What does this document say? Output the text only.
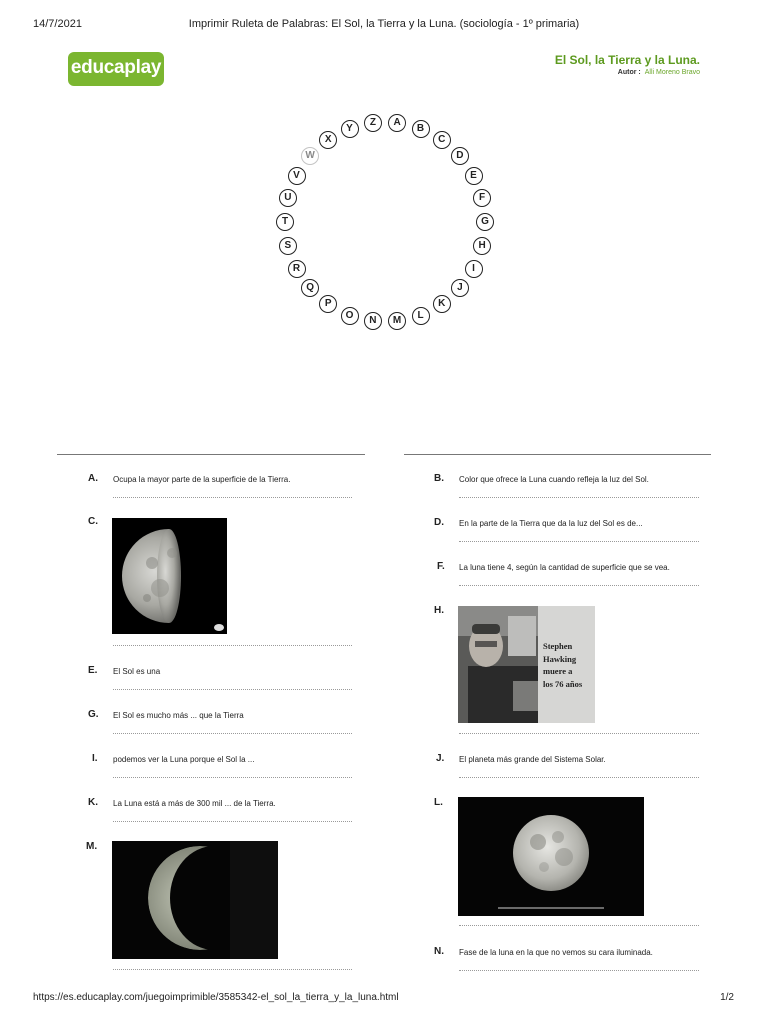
14/7/2021	Imprimir Ruleta de Palabras: El Sol, la Tierra y la Luna. (sociología - 1º primaria)
https://es.educaplay.com/juegoimprimible/3585342-el_sol_la_tierra_y_la_luna.html	1/2
educaplay	El Sol, la Tierra y la Luna.
Autor : Alli Moreno Bravo
A
B
C
D
E
F
G
H
I
J
K
L
M
N
O
P
Q
R
S
T
U
V
W
X
Y
Z
A.	Ocupa la mayor parte de la superficie de la Tierra.
C.
E.	El Sol es una
G.	El Sol es mucho más ... que la Tierra
I.	podemos ver la Luna porque el Sol la ...
K.	La Luna está a más de 300 mil ... de la Tierra.
M.
B.	Color que ofrece la Luna cuando refleja la luz del Sol.
D.	En la parte de la Tierra que da la luz del Sol es de...
F.	La luna tiene 4, según la cantidad de superficie que se vea.
H.
Stephen
Hawking
muere a
los 76 años
J.	El planeta más grande del Sistema Solar.
L.
N.	Fase de la luna en la que no vemos su cara iluminada.
